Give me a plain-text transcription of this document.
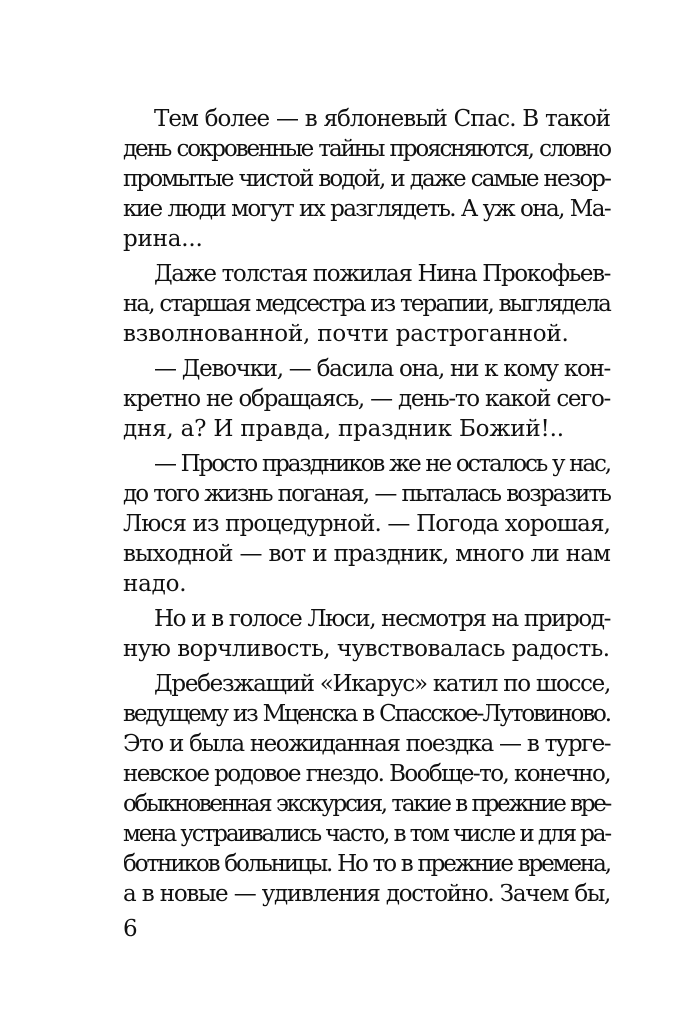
Тем более — в яблоневый Спас. В такой
день сокровенные тайны проясняются, словно
промытые чистой водой, и даже самые незор-
кие люди могут их разглядеть. А уж она, Ма-
рина...
Даже толстая пожилая Нина Прокофьев-
на, старшая медсестра из терапии, выглядела
взволнованной, почти растроганной.
— Девочки, — басила она, ни к кому кон-
кретно не обращаясь, — день-то какой сего-
дня, а? И правда, праздник Божий!..
— Просто праздников же не осталось у нас,
до того жизнь поганая, — пыталась возразить
Люся из процедурной. — Погода хорошая,
выходной — вот и праздник, много ли нам
надо.
Но и в голосе Люси, несмотря на природ-
ную ворчливость, чувствовалась радость.
Дребезжащий «Икарус» катил по шоссе,
ведущему из Мценска в Спасское-Лутовиново.
Это и была неожиданная поездка — в турге-
невское родовое гнездо. Вообще-то, конечно,
обыкновенная экскурсия, такие в прежние вре-
мена устраивались часто, в том числе и для ра-
ботников больницы. Но то в прежние времена,
а в новые — удивления достойно. Зачем бы,
6
